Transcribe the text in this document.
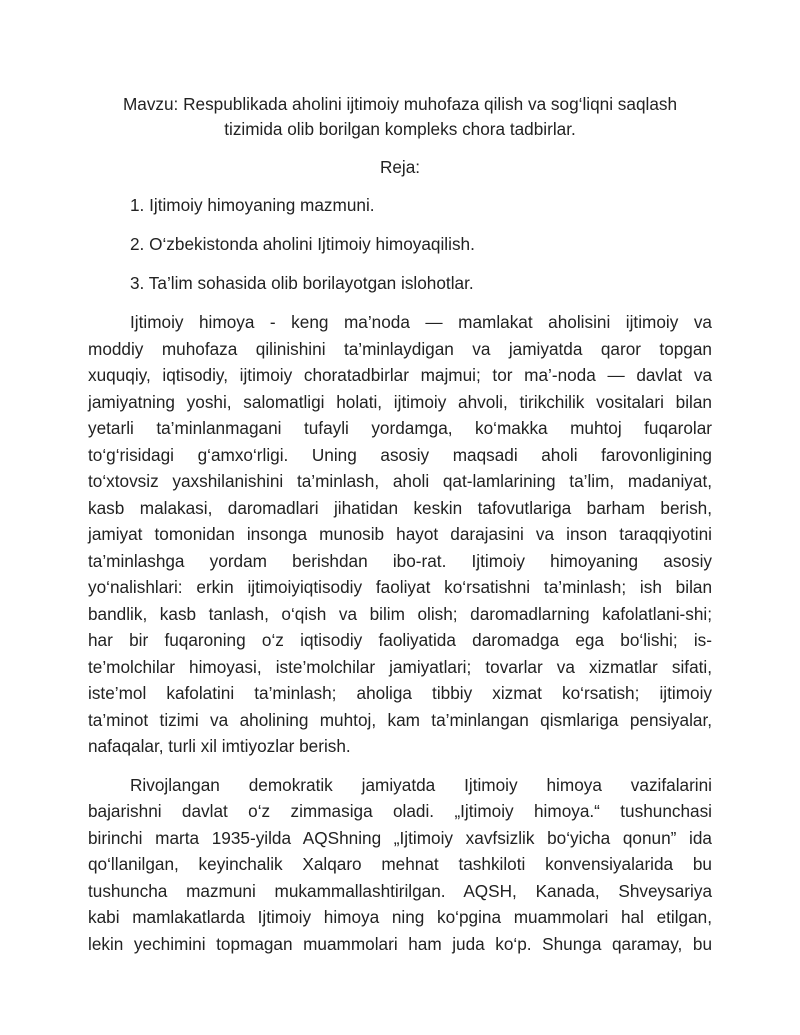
Mavzu: Respublikada aholini ijtimoiy muhofaza qilish va sog‘liqni saqlash
tizimida olib borilgan kompleks chora tadbirlar.
Reja:
1. Ijtimoiy himoyaning mazmuni.
2. O‘zbekistonda aholini Ijtimoiy himoyaqilish.
3. Ta’lim sohasida olib borilayotgan islohotlar.

Ijtimoiy himoya - keng ma’noda — mamlakat aholisini ijtimoiy va
moddiy muhofaza qilinishini ta’minlaydigan va jamiyatda qaror topgan
xuquqiy, iqtisodiy, ijtimoiy choratadbirlar majmui; tor ma’-noda — davlat va
jamiyatning yoshi, salomatligi holati, ijtimoiy ahvoli, tirikchilik vositalari bilan
yetarli ta’minlanmagani tufayli yordamga, ko‘makka muhtoj fuqarolar
to‘g‘risidagi g‘amxo‘rligi. Uning asosiy maqsadi aholi farovonligining
to‘xtovsiz yaxshilanishini ta’minlash, aholi qat-lamlarining ta’lim, madaniyat,
kasb malakasi, daromadlari jihatidan keskin tafovutlariga barham berish,
jamiyat tomonidan insonga munosib hayot darajasini va inson taraqqiyotini
ta’minlashga yordam berishdan ibo-rat. Ijtimoiy himoyaning asosiy
yo‘nalishlari: erkin ijtimoiyiqtisodiy faoliyat ko‘rsatishni ta’minlash; ish bilan
bandlik, kasb tanlash, o‘qish va bilim olish; daromadlarning kafolatlani-shi;
har bir fuqaroning o‘z iqtisodiy faoliyatida daromadga ega bo‘lishi; is-
te’molchilar himoyasi, iste’molchilar jamiyatlari; tovarlar va xizmatlar sifati,
iste’mol kafolatini ta’minlash; aholiga tibbiy xizmat ko‘rsatish; ijtimoiy
ta’minot tizimi va aholining muhtoj, kam ta’minlangan qismlariga pensiyalar,
nafaqalar, turli xil imtiyozlar berish.

Rivojlangan demokratik jamiyatda Ijtimoiy himoya vazifalarini
bajarishni davlat o‘z zimmasiga oladi. „Ijtimoiy himoya.“ tushunchasi
birinchi marta 1935-yilda AQShning „Ijtimoiy xavfsizlik bo‘yicha qonun” ida
qo‘llanilgan, keyinchalik Xalqaro mehnat tashkiloti konvensiyalarida bu
tushuncha mazmuni mukammallashtirilgan. AQSH, Kanada, Shveysariya
kabi mamlakatlarda Ijtimoiy himoya ning ko‘pgina muammolari hal etilgan,
lekin yechimini topmagan muammolari ham juda ko‘p. Shunga qaramay, bu
